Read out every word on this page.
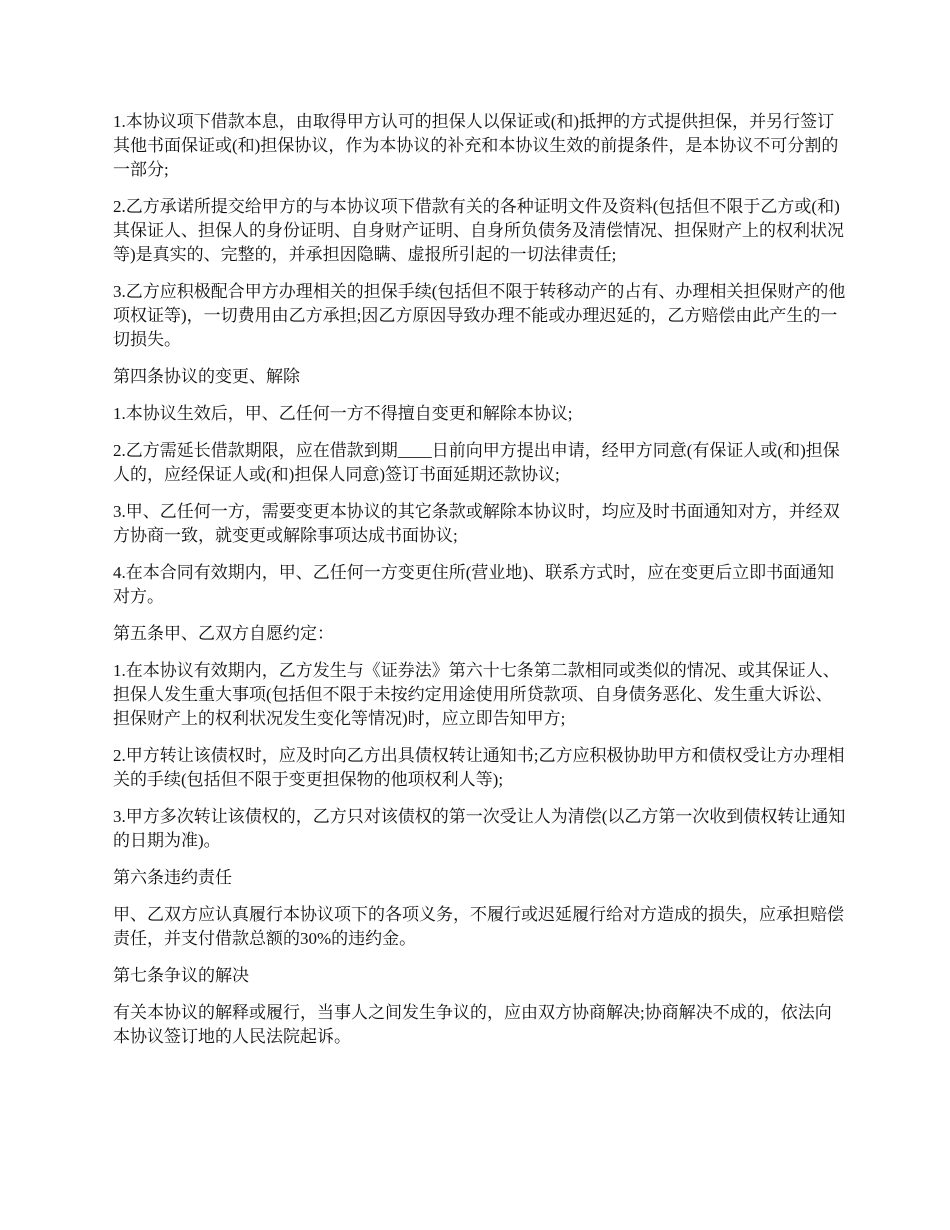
1.本协议项下借款本息，由取得甲方认可的担保人以保证或(和)抵押的方式提供担保，并另行签订其他书面保证或(和)担保协议，作为本协议的补充和本协议生效的前提条件，是本协议不可分割的一部分;

2.乙方承诺所提交给甲方的与本协议项下借款有关的各种证明文件及资料(包括但不限于乙方或(和)其保证人、担保人的身份证明、自身财产证明、自身所负债务及清偿情况、担保财产上的权利状况等)是真实的、完整的，并承担因隐瞒、虚报所引起的一切法律责任;

3.乙方应积极配合甲方办理相关的担保手续(包括但不限于转移动产的占有、办理相关担保财产的他项权证等)，一切费用由乙方承担;因乙方原因导致办理不能或办理迟延的，乙方赔偿由此产生的一切损失。

第四条协议的变更、解除

1.本协议生效后，甲、乙任何一方不得擅自变更和解除本协议;

2.乙方需延长借款期限，应在借款到期____日前向甲方提出申请，经甲方同意(有保证人或(和)担保人的，应经保证人或(和)担保人同意)签订书面延期还款协议;

3.甲、乙任何一方，需要变更本协议的其它条款或解除本协议时，均应及时书面通知对方，并经双方协商一致，就变更或解除事项达成书面协议;

4.在本合同有效期内，甲、乙任何一方变更住所(营业地)、联系方式时，应在变更后立即书面通知对方。

第五条甲、乙双方自愿约定：

1.在本协议有效期内，乙方发生与《证券法》第六十七条第二款相同或类似的情况、或其保证人、担保人发生重大事项(包括但不限于未按约定用途使用所贷款项、自身债务恶化、发生重大诉讼、担保财产上的权利状况发生变化等情况)时，应立即告知甲方;

2.甲方转让该债权时，应及时向乙方出具债权转让通知书;乙方应积极协助甲方和债权受让方办理相关的手续(包括但不限于变更担保物的他项权利人等);

3.甲方多次转让该债权的，乙方只对该债权的第一次受让人为清偿(以乙方第一次收到债权转让通知的日期为准)。

第六条违约责任

甲、乙双方应认真履行本协议项下的各项义务，不履行或迟延履行给对方造成的损失，应承担赔偿责任，并支付借款总额的30%的违约金。

第七条争议的解决

有关本协议的解释或履行，当事人之间发生争议的，应由双方协商解决;协商解决不成的，依法向本协议签订地的人民法院起诉。
